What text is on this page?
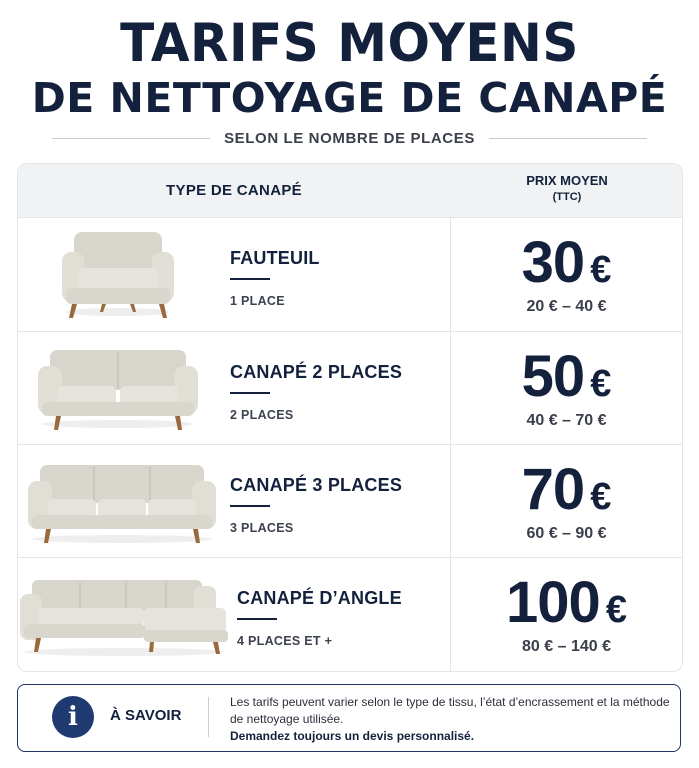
TARIFS MOYENS
DE NETTOYAGE DE CANAPÉ
SELON LE NOMBRE DE PLACES
TYPE DE CANAPÉ
PRIX MOYEN
(TTC)
FAUTEUIL
1 PLACE
30 €
20 € – 40 €
CANAPÉ 2 PLACES
2 PLACES
50 €
40 € – 70 €
CANAPÉ 3 PLACES
3 PLACES
70 €
60 € – 90 €
CANAPÉ D’ANGLE
4 PLACES ET +
100 €
80 € – 140 €
i	À SAVOIR
Les tarifs peuvent varier selon le type de tissu, l’état d’encrassement et la méthode de nettoyage utilisée.
Demandez toujours un devis personnalisé.
